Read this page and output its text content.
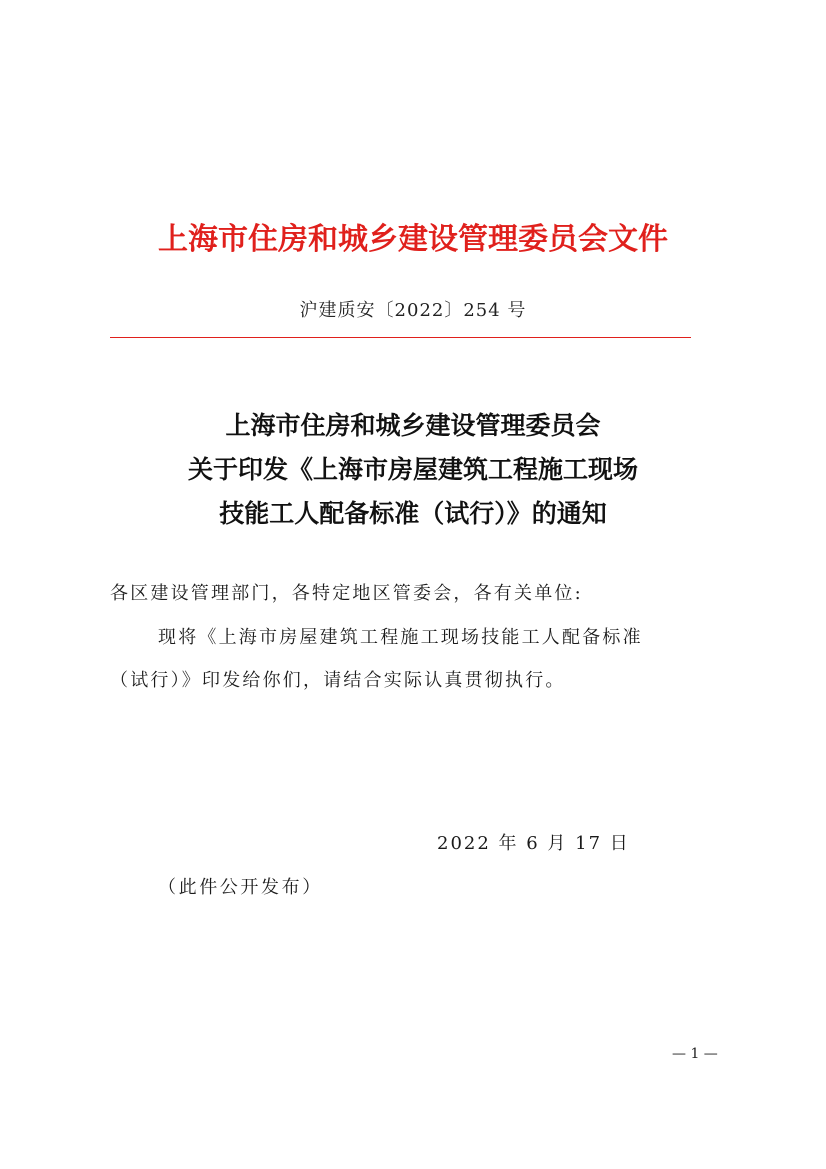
上海市住房和城乡建设管理委员会文件
沪建质安〔2022〕254 号
上海市住房和城乡建设管理委员会
关于印发《上海市房屋建筑工程施工现场
技能工人配备标准（试行）》的通知
各区建设管理部门，各特定地区管委会，各有关单位:
现将《上海市房屋建筑工程施工现场技能工人配备标准
（试行）》印发给你们，请结合实际认真贯彻执行。
2022 年 6 月 17 日
（此件公开发布）
— 1 —
